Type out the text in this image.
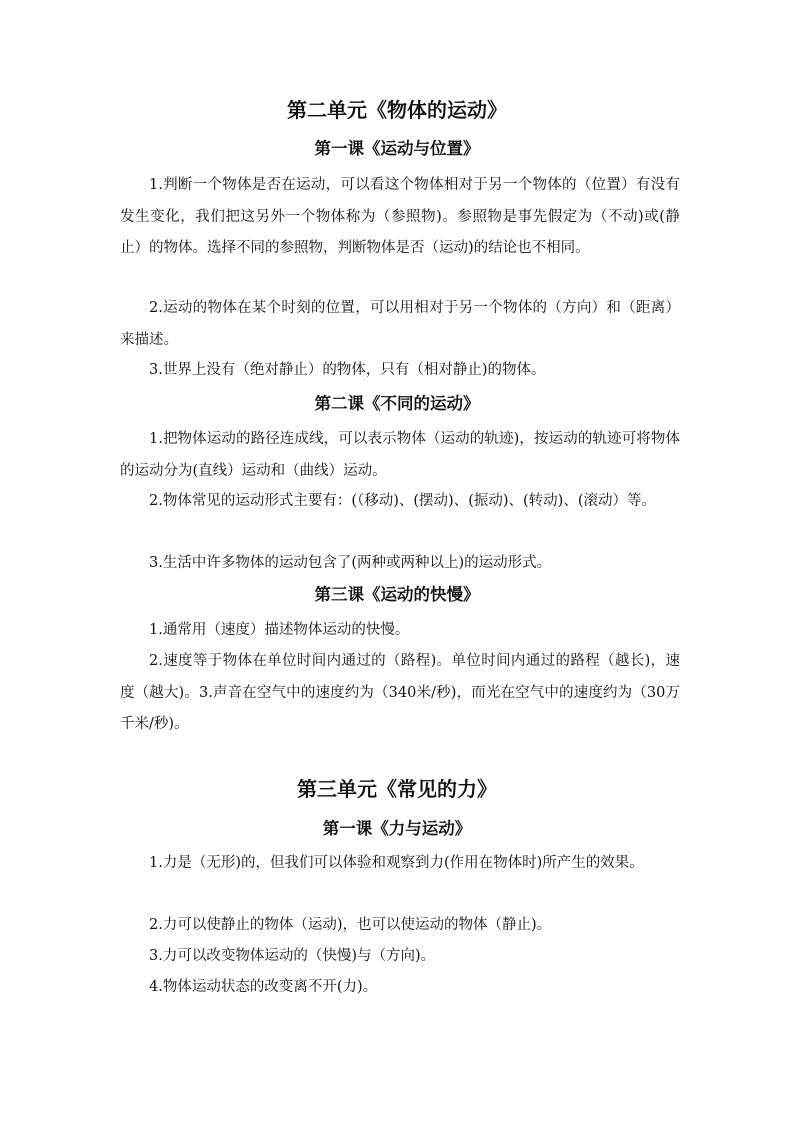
第二单元《物体的运动》
第一课《运动与位置》

1.判断一个物体是否在运动，可以看这个物体相对于另一个物体的（位置）有没有发生变化，我们把这另外一个物体称为（参照物)。参照物是事先假定为（不动)或(静止）的物体。选择不同的参照物，判断物体是否（运动)的结论也不相同。

2.运动的物体在某个时刻的位置，可以用相对于另一个物体的（方向）和（距离）来描述。

3.世界上没有（绝对静止）的物体，只有（相对静止)的物体。

第二课《不同的运动》

1.把物体运动的路径连成线，可以表示物体（运动的轨迹)，按运动的轨迹可将物体的运动分为(直线）运动和（曲线）运动。

2.物体常见的运动形式主要有：(（移动)、(摆动)、(振动)、(转动)、(滚动）等。

3.生活中许多物体的运动包含了(两种或两种以上)的运动形式。

第三课《运动的快慢》

1.通常用（速度）描述物体运动的快慢。

2.速度等于物体在单位时间内通过的（路程)。单位时间内通过的路程（越长)，速度（越大)。3.声音在空气中的速度约为（340米/秒)，而光在空气中的速度约为（30万千米/秒)。

第三单元《常见的力》
第一课《力与运动》

1.力是（无形)的，但我们可以体验和观察到力(作用在物体时)所产生的效果。

2.力可以使静止的物体（运动)，也可以使运动的物体（静止)。

3.力可以改变物体运动的（快慢)与（方向)。

4.物体运动状态的改变离不开(力)。
